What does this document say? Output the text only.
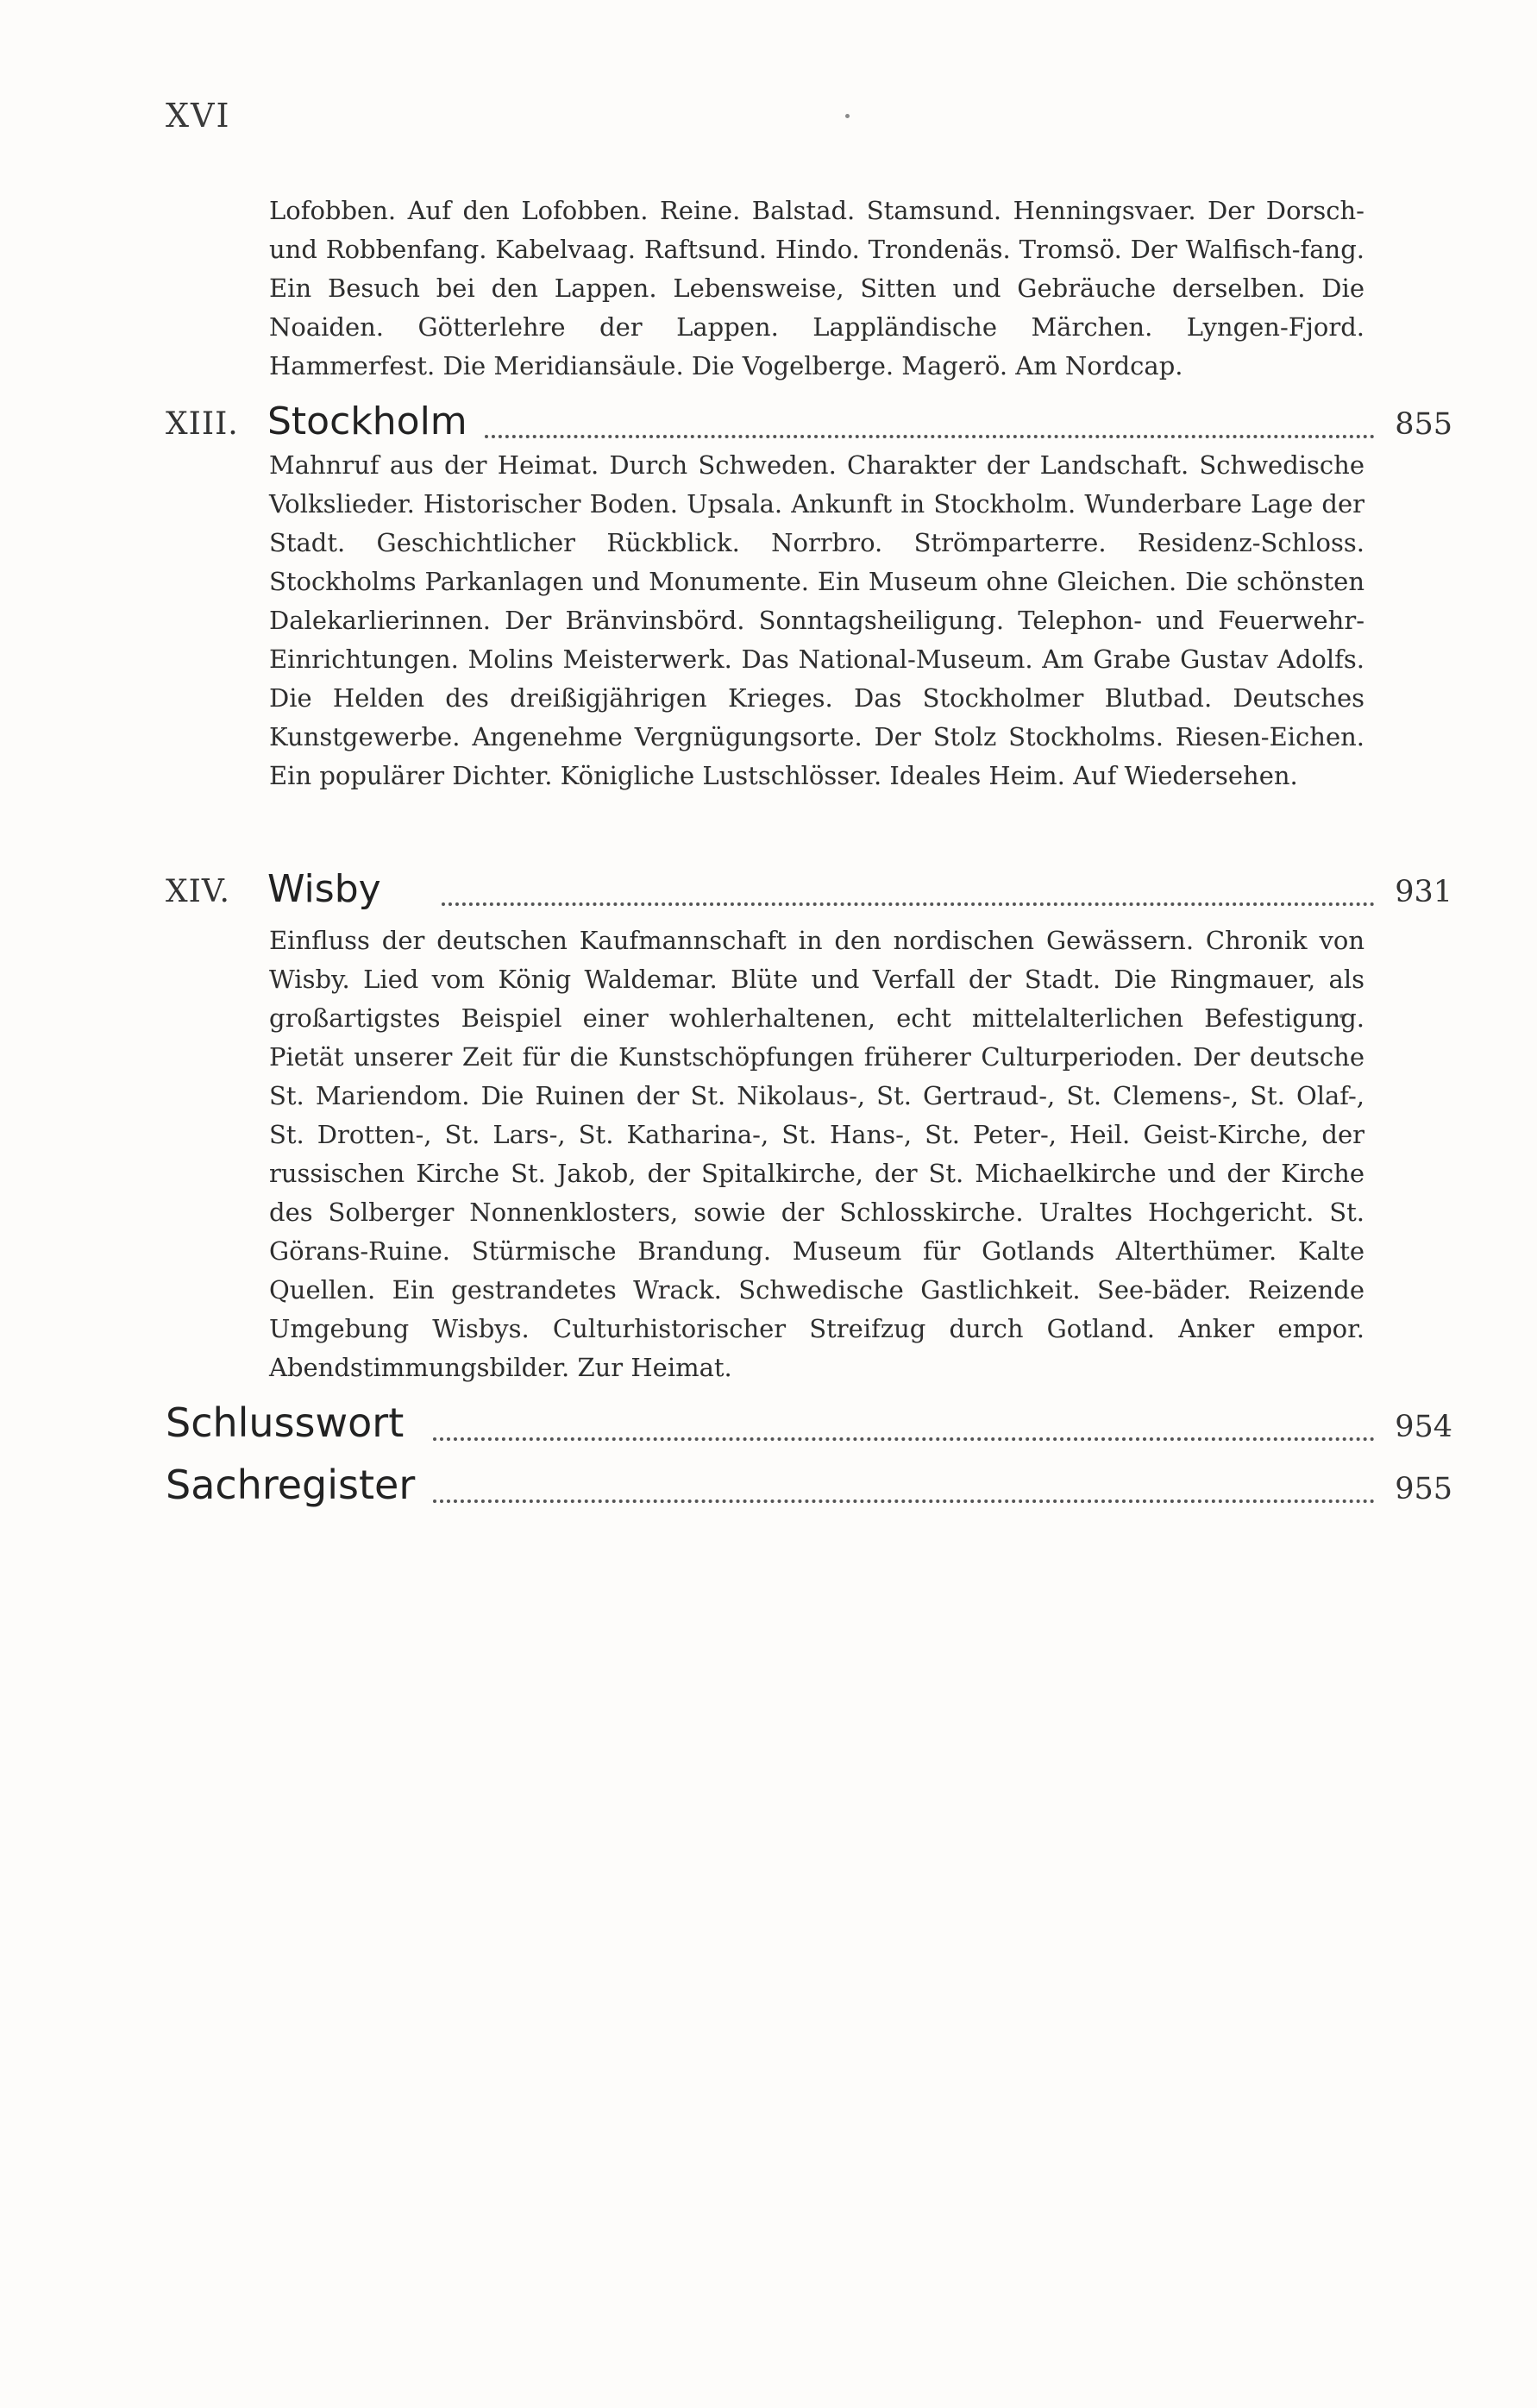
XVI

Lofobben. Auf den Lofobben. Reine. Balstad. Stamsund. Henningsvaer. Der Dorsch- und Robbenfang. Kabelvaag. Raftsund. Hindo. Trondenäs. Tromsö. Der Walfisch-fang. Ein Besuch bei den Lappen. Lebensweise, Sitten und Gebräuche derselben. Die Noaiden. Götterlehre der Lappen. Lappländische Märchen. Lyngen-Fjord. Hammerfest. Die Meridiansäule. Die Vogelberge. Magerö. Am Nordcap.

XIII. Stockholm	855

Mahnruf aus der Heimat. Durch Schweden. Charakter der Landschaft. Schwedische Volkslieder. Historischer Boden. Upsala. Ankunft in Stockholm. Wunderbare Lage der Stadt. Geschichtlicher Rückblick. Norrbro. Strömparterre. Residenz-Schloss. Stockholms Parkanlagen und Monumente. Ein Museum ohne Gleichen. Die schönsten Dalekarlierinnen. Der Bränvinsbörd. Sonntagsheiligung. Telephon- und Feuerwehr-Einrichtungen. Molins Meisterwerk. Das National-Museum. Am Grabe Gustav Adolfs. Die Helden des dreißigjährigen Krieges. Das Stockholmer Blutbad. Deutsches Kunstgewerbe. Angenehme Vergnügungsorte. Der Stolz Stockholms. Riesen-Eichen. Ein populärer Dichter. Königliche Lustschlösser. Ideales Heim. Auf Wiedersehen.

XIV. Wisby	931

Einfluss der deutschen Kaufmannschaft in den nordischen Gewässern. Chronik von Wisby. Lied vom König Waldemar. Blüte und Verfall der Stadt. Die Ringmauer, als großartigstes Beispiel einer wohlerhaltenen, echt mittelalterlichen Befestigung. Pietät unserer Zeit für die Kunstschöpfungen früherer Culturperioden. Der deutsche St. Mariendom. Die Ruinen der St. Nikolaus-, St. Gertraud-, St. Clemens-, St. Olaf-, St. Drotten-, St. Lars-, St. Katharina-, St. Hans-, St. Peter-, Heil. Geist-Kirche, der russischen Kirche St. Jakob, der Spitalkirche, der St. Michaelkirche und der Kirche des Solberger Nonnenklosters, sowie der Schlosskirche. Uraltes Hochgericht. St. Görans-Ruine. Stürmische Brandung. Museum für Gotlands Alterthümer. Kalte Quellen. Ein gestrandetes Wrack. Schwedische Gastlichkeit. See-bäder. Reizende Umgebung Wisbys. Culturhistorischer Streifzug durch Gotland. Anker empor. Abendstimmungsbilder. Zur Heimat.

Schlusswort	954
Sachregister	955
